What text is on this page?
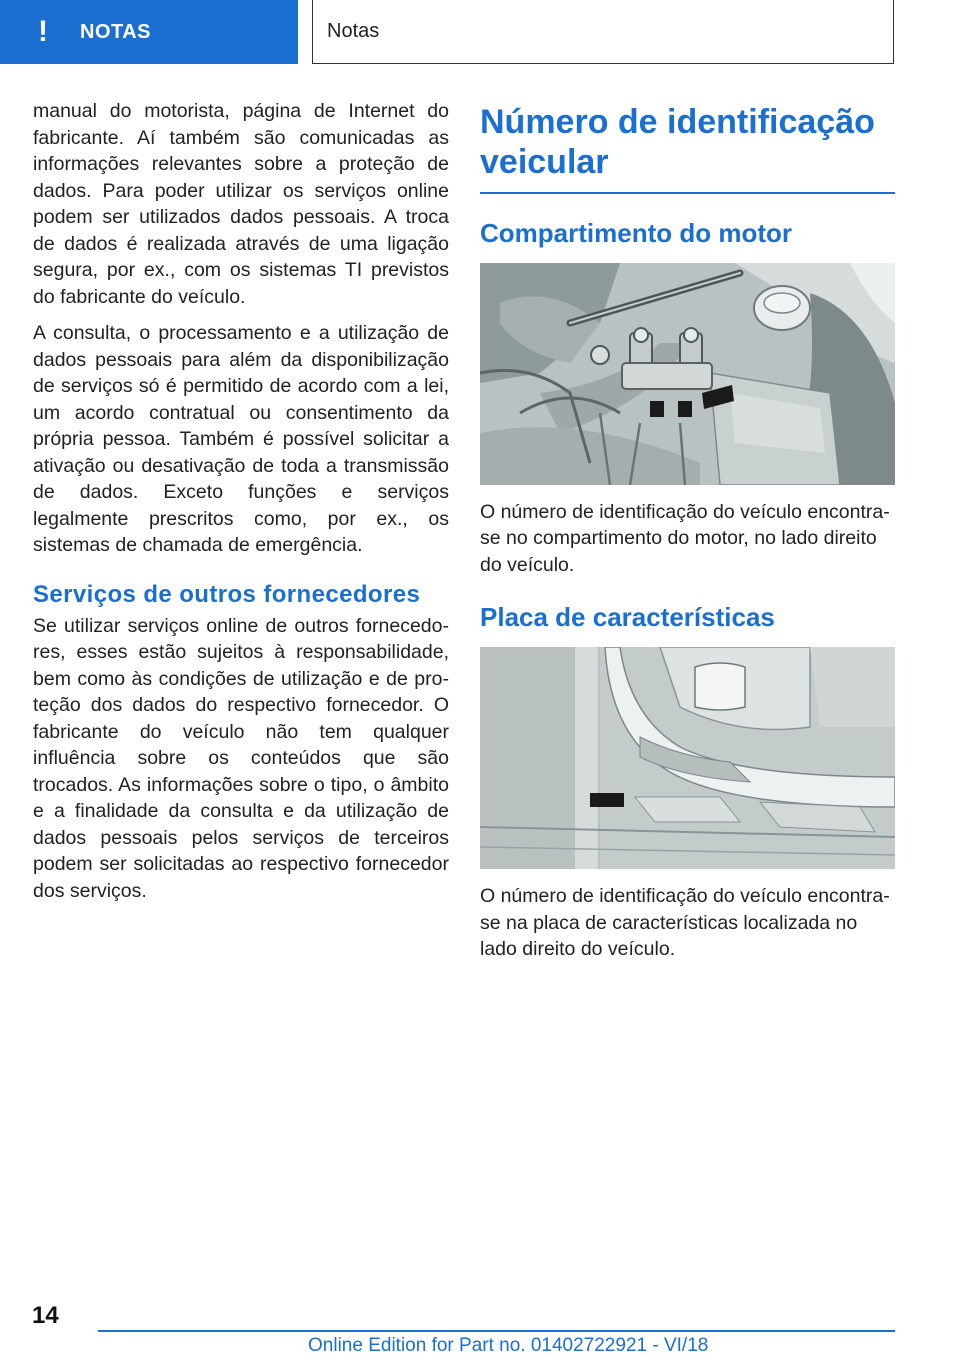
! NOTAS	Notas

manual do motorista, página de Internet do fabricante. Aí também são comunicadas as informações relevantes sobre a proteção de dados. Para poder utilizar os serviços online podem ser utilizados dados pessoais. A troca de dados é realizada através de uma ligação segura, por ex., com os sistemas TI previstos do fabricante do veículo.

A consulta, o processamento e a utilização de dados pessoais para além da disponibilização de serviços só é permitido de acordo com a lei, um acordo contratual ou consentimento da própria pessoa. Também é possível solicitar a ativação ou desativação de toda a transmissão de dados. Exceto funções e serviços legalmente prescritos como, por ex., os sistemas de chamada de emergência.

Serviços de outros fornecedores

Se utilizar serviços online de outros fornecedores, esses estão sujeitos à responsabilidade, bem como às condições de utilização e de proteção dos dados do respectivo fornecedor. O fabricante do veículo não tem qualquer influência sobre os conteúdos que são trocados. As informações sobre o tipo, o âmbito e a finalidade da consulta e da utilização de dados pessoais pelos serviços de terceiros podem ser solicitadas ao respectivo fornecedor dos serviços.

Número de identificação veicular
Compartimento do motor
O número de identificação do veículo encontra-se no compartimento do motor, no lado direito do veículo.
Placa de características
O número de identificação do veículo encontra-se na placa de características localizada no lado direito do veículo.
14
Online Edition for Part no. 01402722921 - VI/18
